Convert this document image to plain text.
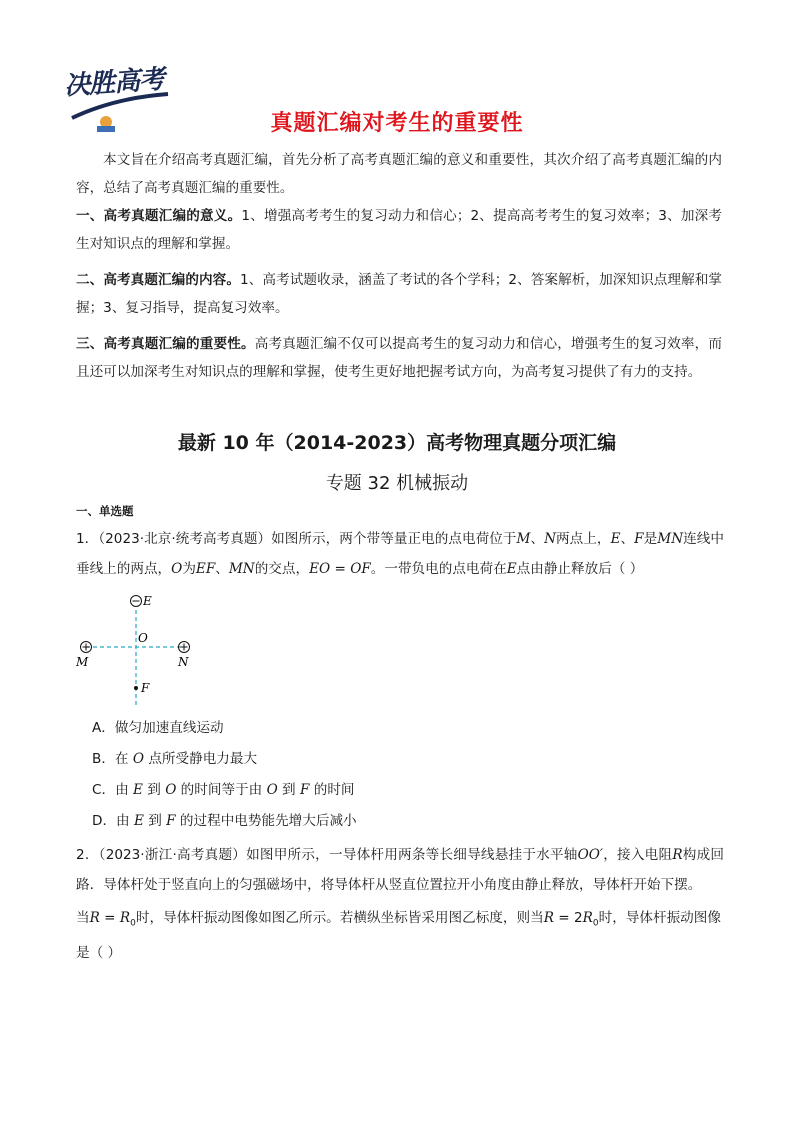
决胜高考
真题汇编对考生的重要性
本文旨在介绍高考真题汇编，首先分析了高考真题汇编的意义和重要性，其次介绍了高考真题汇编的内容，总结了高考真题汇编的重要性。
一、高考真题汇编的意义。1、增强高考考生的复习动力和信心；2、提高高考考生的复习效率；3、加深考生对知识点的理解和掌握。
二、高考真题汇编的内容。1、高考试题收录，涵盖了考试的各个学科；2、答案解析，加深知识点理解和掌握；3、复习指导，提高复习效率。
三、高考真题汇编的重要性。高考真题汇编不仅可以提高考生的复习动力和信心，增强考生的复习效率，而且还可以加深考生对知识点的理解和掌握，使考生更好地把握考试方向，为高考复习提供了有力的支持。
最新 10 年（2014-2023）高考物理真题分项汇编
专题 32 机械振动
一、单选题
1．（2023·北京·统考高考真题）如图所示，两个带等量正电的点电荷位于M、N两点上，E、F是MN连线中垂线上的两点，O为EF、MN的交点，EO = OF。一带负电的点电荷在E点由静止释放后（ ）
E
O
M	N
F
A．做匀加速直线运动
B．在 O 点所受静电力最大
C．由 E 到 O 的时间等于由 O 到 F 的时间
D．由 E 到 F 的过程中电势能先增大后减小
2．（2023·浙江·高考真题）如图甲所示，一导体杆用两条等长细导线悬挂于水平轴OO′，接入电阻R构成回路．导体杆处于竖直向上的匀强磁场中，将导体杆从竖直位置拉开小角度由静止释放，导体杆开始下摆。
当$R = R_0$时，导体杆振动图像如图乙所示。若横纵坐标皆采用图乙标度，则当$R = 2R_0$时，导体杆振动图像
是（ ）
